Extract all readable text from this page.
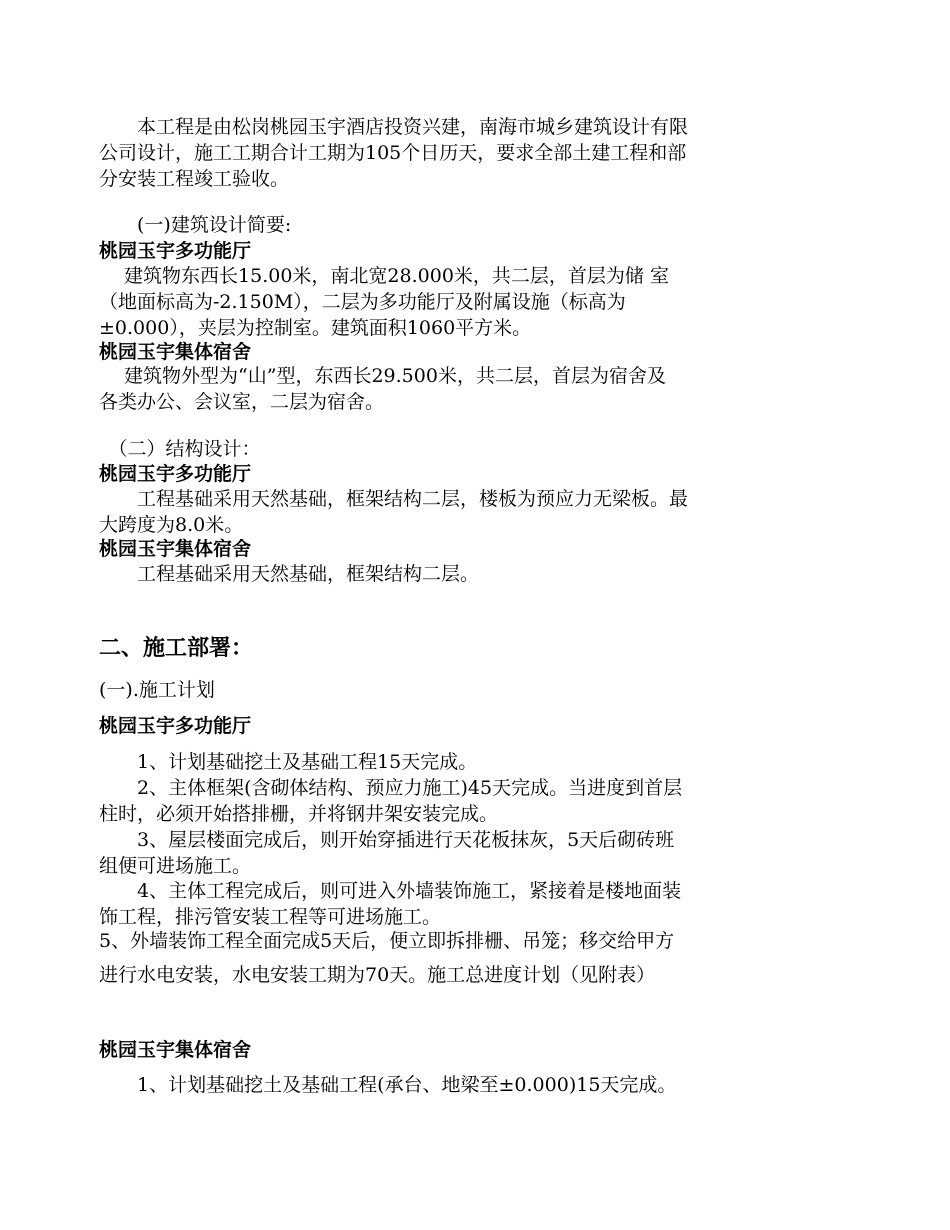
　　本工程是由松岗桃园玉宇酒店投资兴建，南海市城乡建筑设计有限
公司设计，施工工期合计工期为105个日历天，要求全部土建工程和部
分安装工程竣工验收。
　　(一)建筑设计简要:
桃园玉宇多功能厅
　 建筑物东西长15.00米，南北宽28.000米，共二层，首层为储 室
（地面标高为-2.150M），二层为多功能厅及附属设施（标高为
±0.000），夹层为控制室。建筑面积1060平方米。
桃园玉宇集体宿舍
　 建筑物外型为“山”型，东西长29.500米，共二层，首层为宿舍及
各类办公、会议室，二层为宿舍。
　（二）结构设计：
桃园玉宇多功能厅
　　工程基础采用天然基础，框架结构二层，楼板为预应力无梁板。最
大跨度为8.0米。
桃园玉宇集体宿舍
　　工程基础采用天然基础，框架结构二层。
二、施工部署：
(一).施工计划
桃园玉宇多功能厅
　　1、计划基础挖土及基础工程15天完成。
　　2、主体框架(含砌体结构、预应力施工)45天完成。当进度到首层
柱时，必须开始搭排栅，并将钢井架安装完成。
　　3、屋层楼面完成后，则开始穿插进行天花板抹灰，5天后砌砖班
组便可进场施工。
　　4、主体工程完成后，则可进入外墙装饰施工，紧接着是楼地面装
饰工程，排污管安装工程等可进场施工。
5、外墙装饰工程全面完成5天后，便立即拆排栅、吊笼；移交给甲方
进行水电安装，水电安装工期为70天。施工总进度计划（见附表）
桃园玉宇集体宿舍
　　1、计划基础挖土及基础工程(承台、地梁至±0.000)15天完成。
